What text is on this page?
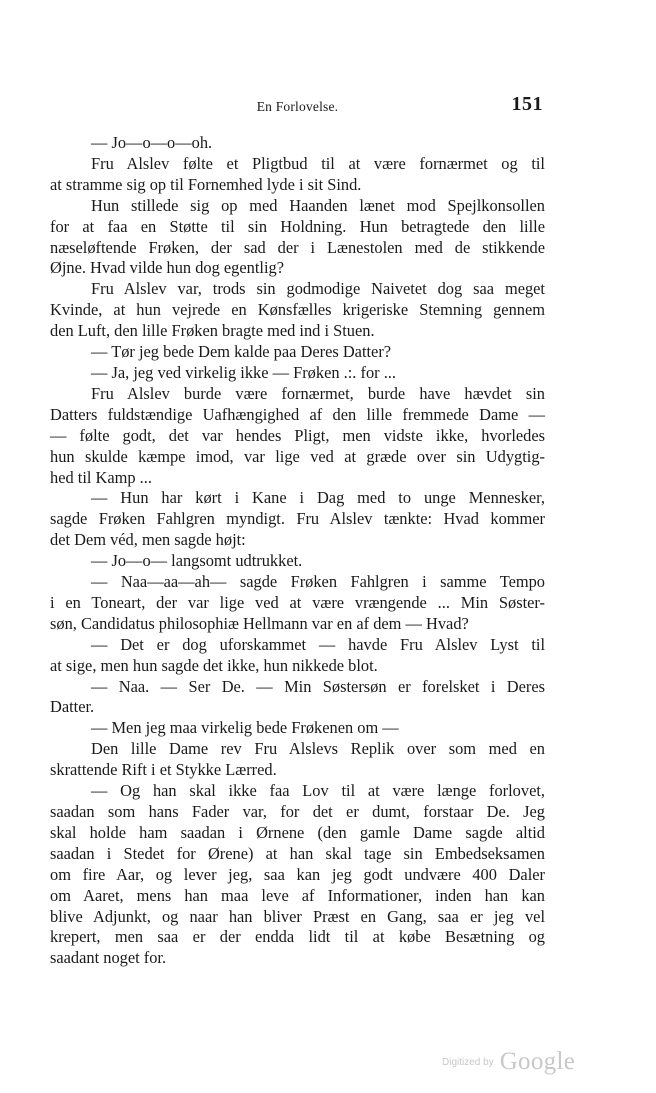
En Forlovelse.	151
— Jo—o—o—oh.
Fru Alslev følte et Pligtbud til at være fornærmet og til
at stramme sig op til Fornemhed lyde i sit Sind.
Hun stillede sig op med Haanden lænet mod Spejlkonsollen
for at faa en Støtte til sin Holdning. Hun betragtede den lille
næseløftende Frøken, der sad der i Lænestolen med de stikkende
Øjne. Hvad vilde hun dog egentlig?
Fru Alslev var, trods sin godmodige Naivetet dog saa meget
Kvinde, at hun vejrede en Kønsfælles krigeriske Stemning gennem
den Luft, den lille Frøken bragte med ind i Stuen.
— Tør jeg bede Dem kalde paa Deres Datter?
— Ja, jeg ved virkelig ikke — Frøken .:. for ...
Fru Alslev burde være fornærmet, burde have hævdet sin
Datters fuldstændige Uafhængighed af den lille fremmede Dame —
— følte godt, det var hendes Pligt, men vidste ikke, hvorledes
hun skulde kæmpe imod, var lige ved at græde over sin Udygtig-
hed til Kamp ...
— Hun har kørt i Kane i Dag med to unge Mennesker,
sagde Frøken Fahlgren myndigt. Fru Alslev tænkte: Hvad kommer
det Dem véd, men sagde højt:
— Jo—o— langsomt udtrukket.
— Naa—aa—ah— sagde Frøken Fahlgren i samme Tempo
i en Toneart, der var lige ved at være vrængende ... Min Søster-
søn, Candidatus philosophiæ Hellmann var en af dem — Hvad?
— Det er dog uforskammet — havde Fru Alslev Lyst til
at sige, men hun sagde det ikke, hun nikkede blot.
— Naa. — Ser De. — Min Søstersøn er forelsket i Deres
Datter.
— Men jeg maa virkelig bede Frøkenen om —
Den lille Dame rev Fru Alslevs Replik over som med en
skrattende Rift i et Stykke Lærred.
— Og han skal ikke faa Lov til at være længe forlovet,
saadan som hans Fader var, for det er dumt, forstaar De. Jeg
skal holde ham saadan i Ørnene (den gamle Dame sagde altid
saadan i Stedet for Ørene) at han skal tage sin Embedseksamen
om fire Aar, og lever jeg, saa kan jeg godt undvære 400 Daler
om Aaret, mens han maa leve af Informationer, inden han kan
blive Adjunkt, og naar han bliver Præst en Gang, saa er jeg vel
krepert, men saa er der endda lidt til at købe Besætning og
saadant noget for.
$^{Digitized by}$ Google
